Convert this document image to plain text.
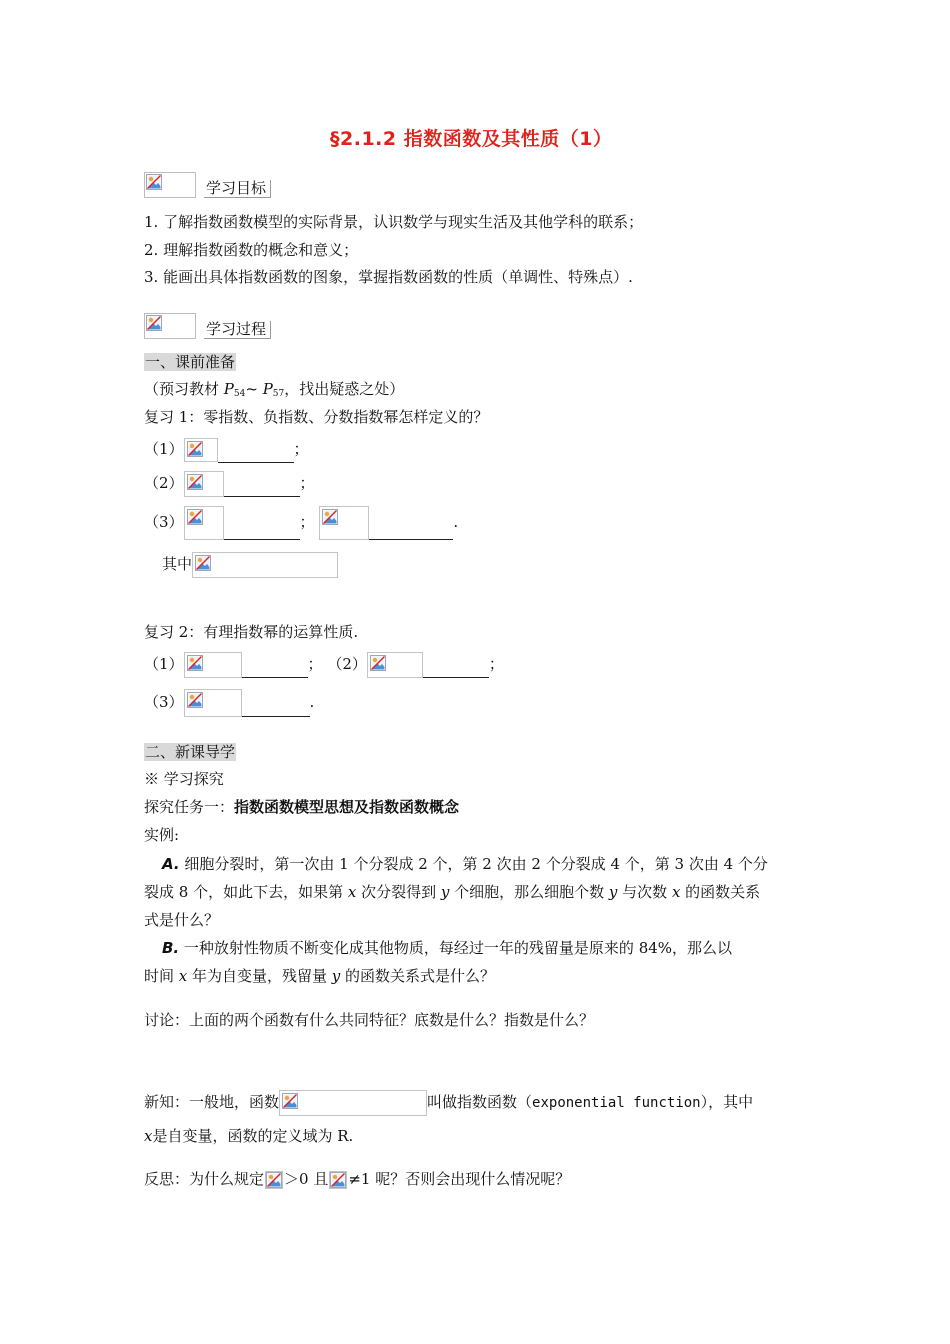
§2.1.2 指数函数及其性质（1）
学习目标
1. 了解指数函数模型的实际背景，认识数学与现实生活及其他学科的联系；
2. 理解指数函数的概念和意义；
3. 能画出具体指数函数的图象，掌握指数函数的性质（单调性、特殊点）.
学习过程
一、课前准备
（预习教材 $P_{54}\sim$ $P_{57}$，找出疑惑之处）
复习 1：零指数、负指数、分数指数幂怎样定义的？
（1）	；
（2）	；
（3）	；	.
其中
复习 2：有理指数幂的运算性质.
（1）	； （2）	；
（3）	.
二、新课导学
※ 学习探究
探究任务一：指数函数模型思想及指数函数概念
实例:
A. 细胞分裂时，第一次由 1 个分裂成 2 个，第 2 次由 2 个分裂成 4 个，第 3 次由 4 个分
裂成 8 个，如此下去，如果第 x 次分裂得到 y 个细胞，那么细胞个数 y 与次数 x 的函数关系
式是什么？
B. 一种放射性物质不断变化成其他物质，每经过一年的残留量是原来的 84%，那么以
时间 x 年为自变量，残留量 y 的函数关系式是什么？
讨论：上面的两个函数有什么共同特征？底数是什么？指数是什么？
新知：一般地，函数	叫做指数函数（exponential function），其中
x是自变量，函数的定义域为 R.
反思：为什么规定 ＞0 且 ≠1 呢？否则会出现什么情况呢？
